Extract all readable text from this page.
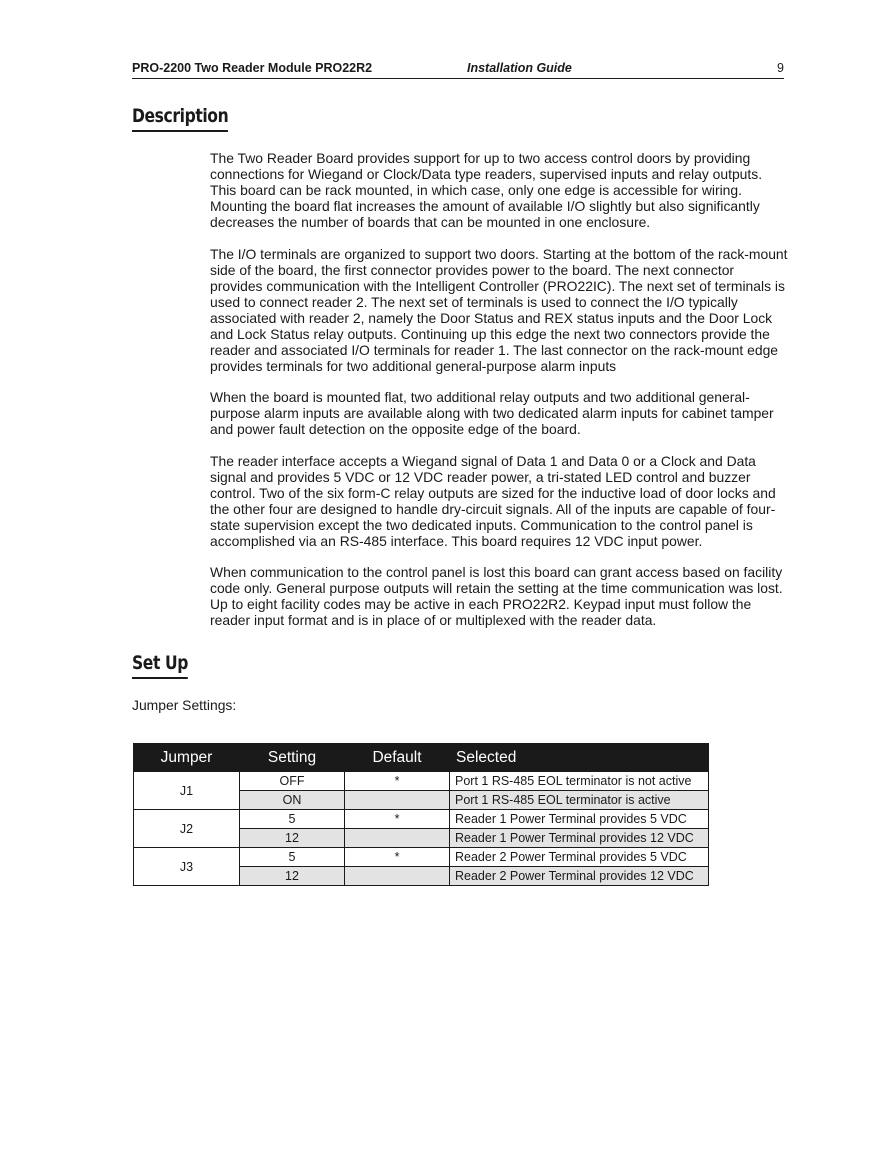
PRO-2200 Two Reader Module PRO22R2	Installation Guide	9
Description

The Two Reader Board provides support for up to two access control doors by providing connections for Wiegand or Clock/Data type readers, supervised inputs and relay outputs. This board can be rack mounted, in which case, only one edge is accessible for wiring. Mounting the board flat increases the amount of available I/O slightly but also significantly decreases the number of boards that can be mounted in one enclosure.

The I/O terminals are organized to support two doors. Starting at the bottom of the rack-mount side of the board, the first connector provides power to the board. The next connector provides communication with the Intelligent Controller (PRO22IC). The next set of terminals is used to connect reader 2. The next set of terminals is used to connect the I/O typically associated with reader 2, namely the Door Status and REX status inputs and the Door Lock and Lock Status relay outputs. Continuing up this edge the next two connectors provide the reader and associated I/O terminals for reader 1. The last connector on the rack-mount edge provides terminals for two additional general-purpose alarm inputs

When the board is mounted flat, two additional relay outputs and two additional general-purpose alarm inputs are available along with two dedicated alarm inputs for cabinet tamper and power fault detection on the opposite edge of the board.

The reader interface accepts a Wiegand signal of Data 1 and Data 0 or a Clock and Data signal and provides 5 VDC or 12 VDC reader power, a tri-stated LED control and buzzer control. Two of the six form-C relay outputs are sized for the inductive load of door locks and the other four are designed to handle dry-circuit signals. All of the inputs are capable of four-state supervision except the two dedicated inputs. Communication to the control panel is accomplished via an RS-485 interface. This board requires 12 VDC input power.

When communication to the control panel is lost this board can grant access based on facility code only. General purpose outputs will retain the setting at the time communication was lost. Up to eight facility codes may be active in each PRO22R2. Keypad input must follow the reader input format and is in place of or multiplexed with the reader data.

Set Up
Jumper Settings:
Jumper	Setting	Default	Selected
J1	OFF	*	Port 1 RS-485 EOL terminator is not active
	ON		Port 1 RS-485 EOL terminator is active
J2	5	*	Reader 1 Power Terminal provides 5 VDC
	12		Reader 1 Power Terminal provides 12 VDC
J3	5	*	Reader 2 Power Terminal provides 5 VDC
	12		Reader 2 Power Terminal provides 12 VDC
